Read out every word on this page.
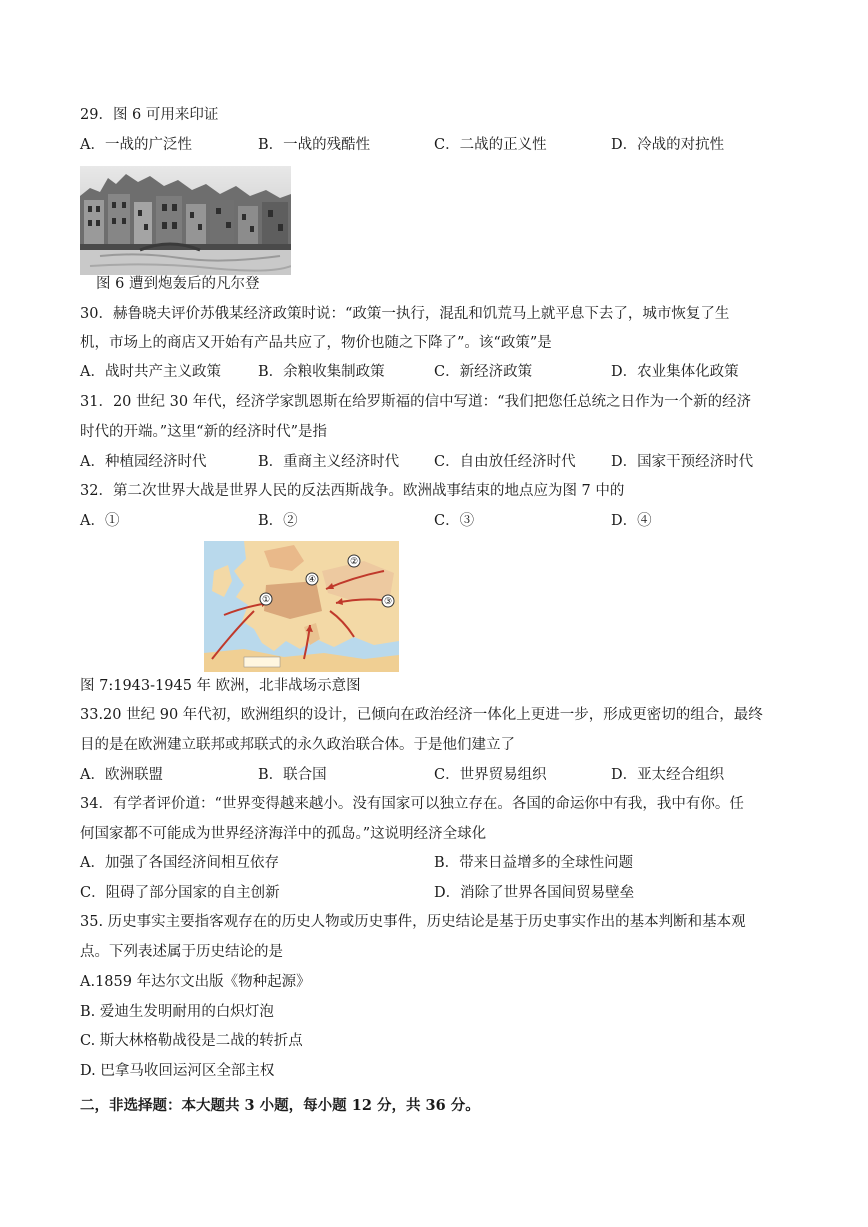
29．图 6 可用来印证
A．一战的广泛性	B．一战的残酷性	C．二战的正义性	D．冷战的对抗性
图 6 遭到炮轰后的凡尔登
30．赫鲁晓夫评价苏俄某经济政策时说：“政策一执行，混乱和饥荒马上就平息下去了，城市恢复了生
机，市场上的商店又开始有产品共应了，物价也随之下降了”。该“政策”是
A．战时共产主义政策	B．余粮收集制政策	C．新经济政策	D．农业集体化政策
31．20 世纪 30 年代，经济学家凯恩斯在给罗斯福的信中写道：“我们把您任总统之日作为一个新的经济
时代的开端。”这里“新的经济时代”是指
A．种植园经济时代	B．重商主义经济时代 C．自由放任经济时代 D．国家干预经济时代
32．第二次世界大战是世界人民的反法西斯战争。欧洲战事结束的地点应为图 7 中的
A．①	B．②	C．③	D．④
②
④
①	③
图 7:1943-1945 年 欧洲，北非战场示意图
33.20 世纪 90 年代初，欧洲组织的设计，已倾向在政治经济一体化上更进一步，形成更密切的组合，最终
目的是在欧洲建立联邦或邦联式的永久政治联合体。于是他们建立了
A．欧洲联盟	B．联合国	C．世界贸易组织	D．亚太经合组织
34．有学者评价道：“世界变得越来越小。没有国家可以独立存在。各国的命运你中有我，我中有你。任
何国家都不可能成为世界经济海洋中的孤岛。”这说明经济全球化
A．加强了各国经济间相互依存	B．带来日益增多的全球性问题
C．阻碍了部分国家的自主创新	D．消除了世界各国间贸易壁垒
35. 历史事实主要指客观存在的历史人物或历史事件，历史结论是基于历史事实作出的基本判断和基本观
点。下列表述属于历史结论的是
A.1859 年达尔文出版《物种起源》
B. 爱迪生发明耐用的白炽灯泡
C. 斯大林格勒战役是二战的转折点
D. 巴拿马收回运河区全部主权
二，非选择题：本大题共 3 小题，每小题 12 分，共 36 分。
